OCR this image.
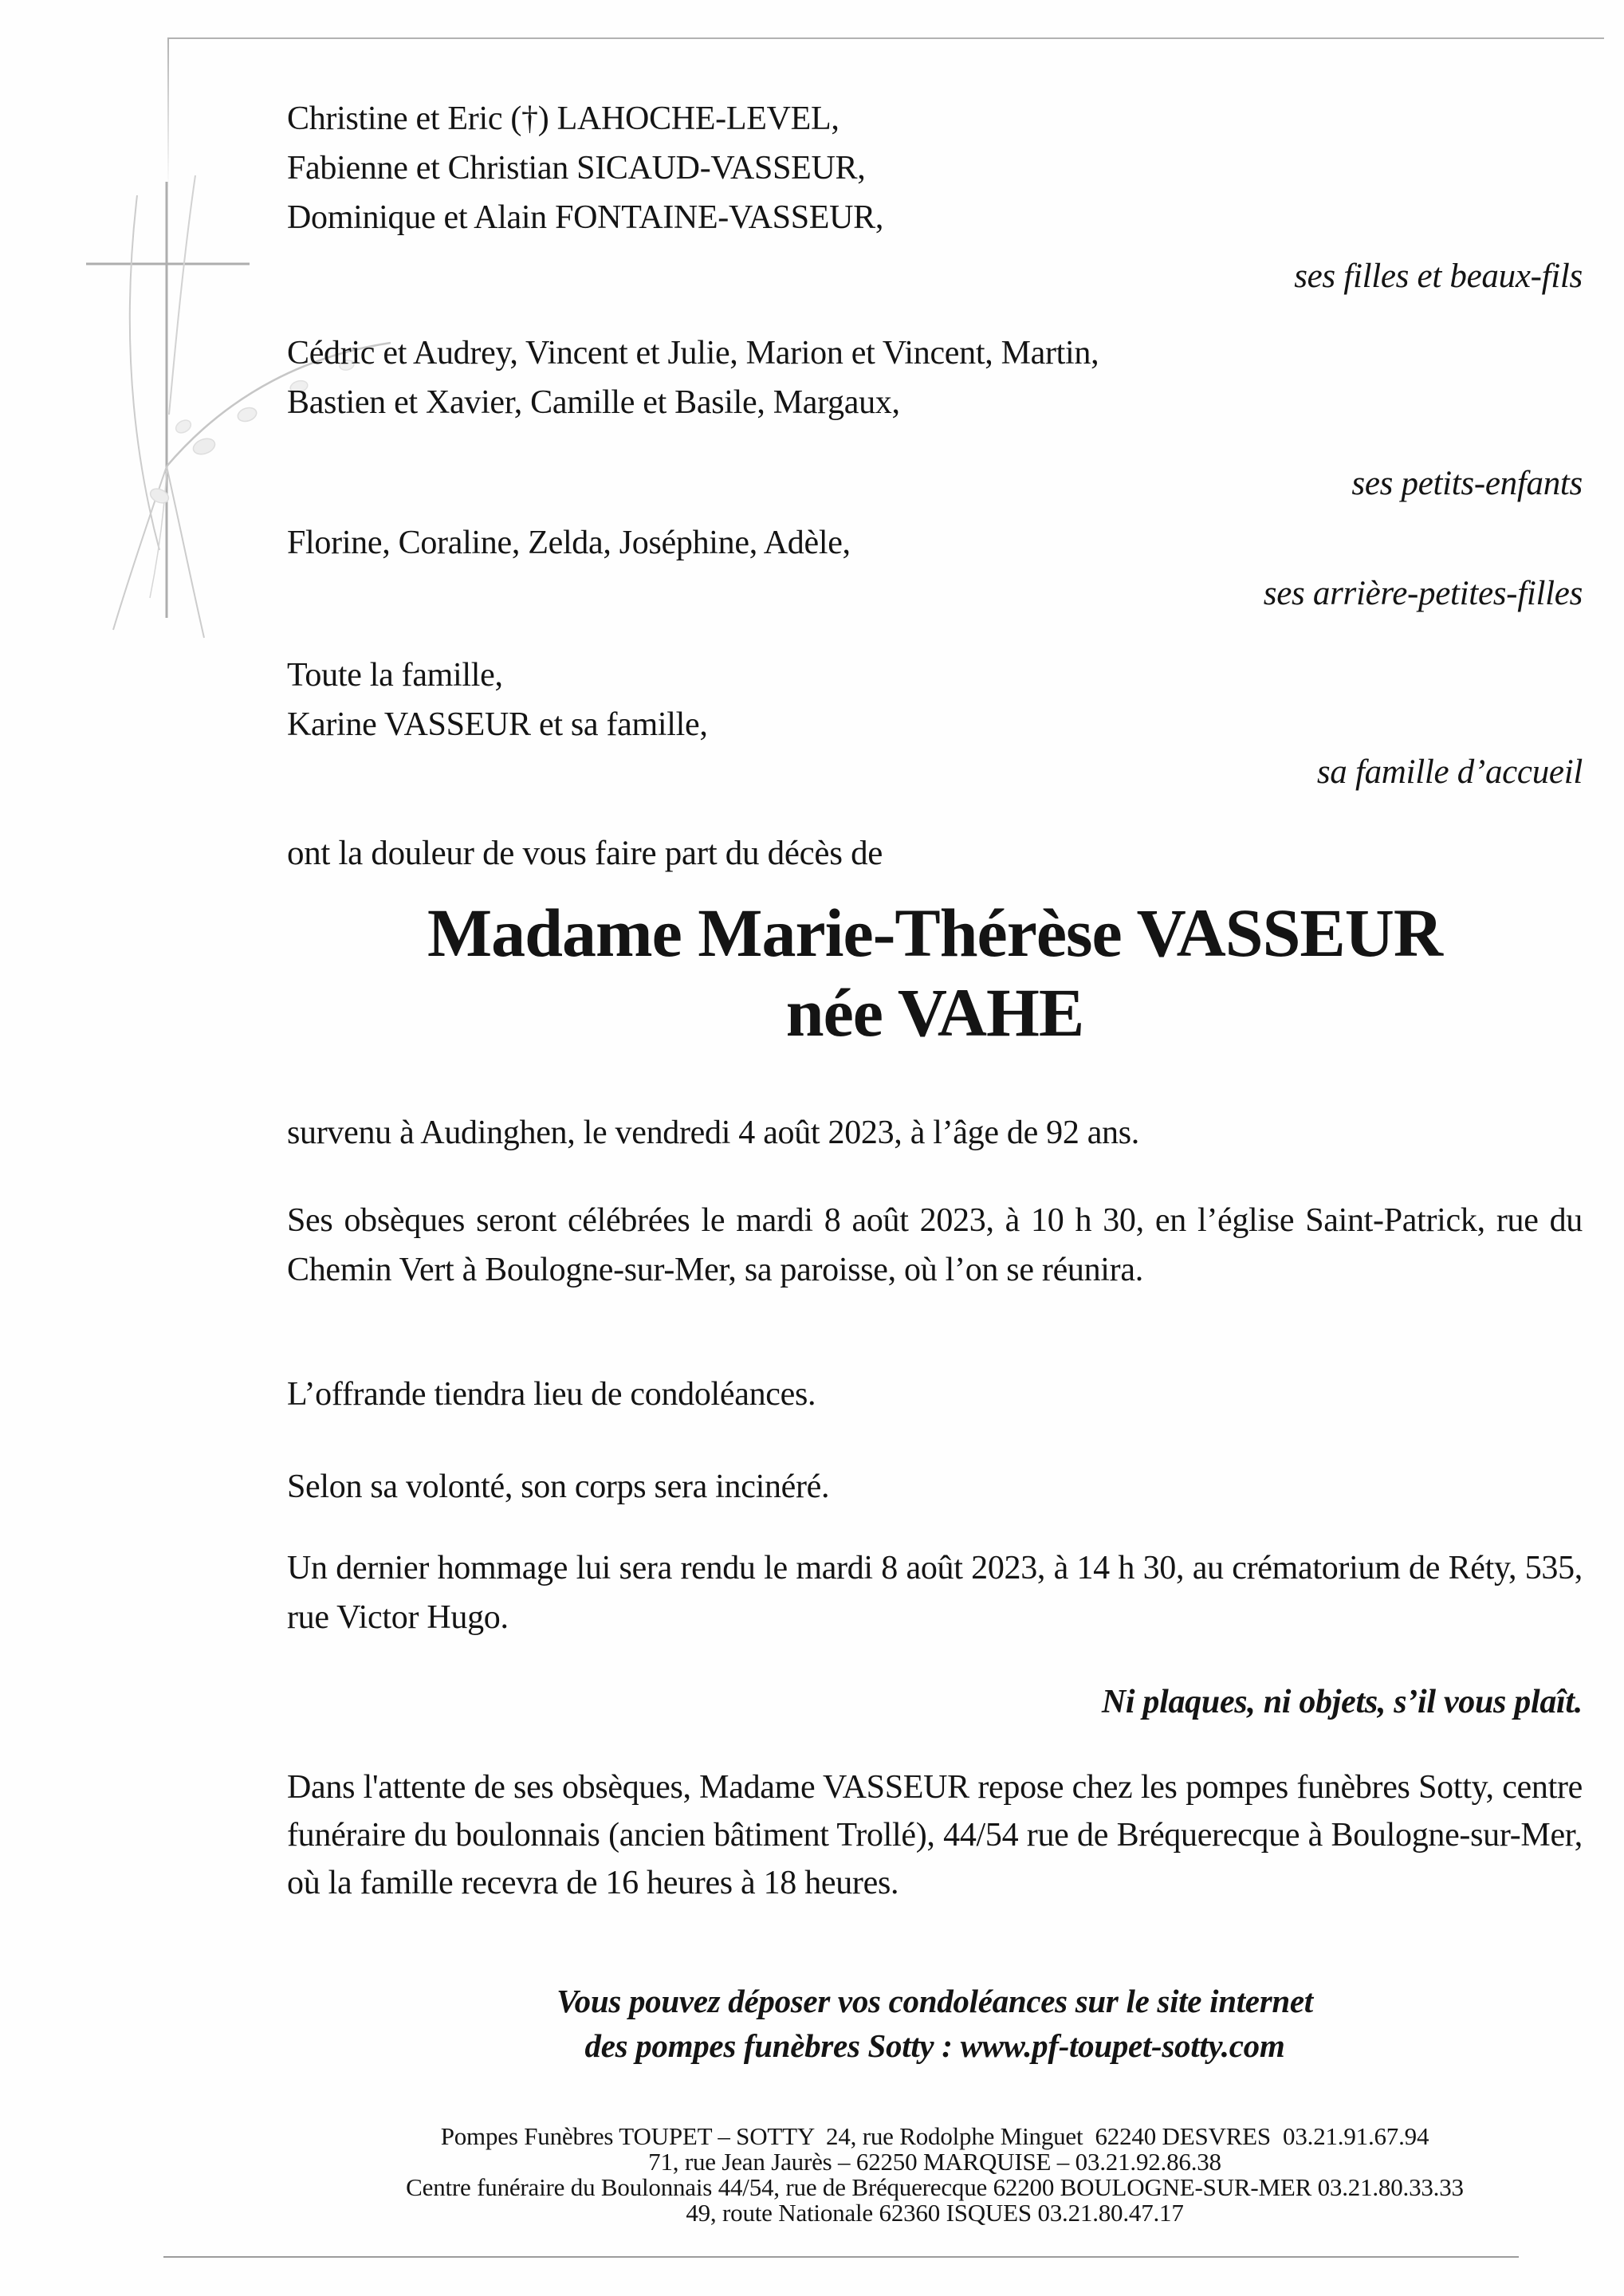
Christine et Eric (†) LAHOCHE-LEVEL,
Fabienne et Christian SICAUD-VASSEUR,
Dominique et Alain FONTAINE-VASSEUR,
ses filles et beaux-fils
Cédric et Audrey, Vincent et Julie, Marion et Vincent, Martin,
Bastien et Xavier, Camille et Basile, Margaux,
ses petits-enfants
Florine, Coraline, Zelda, Joséphine, Adèle,
ses arrière-petites-filles
Toute la famille,
Karine VASSEUR et sa famille,
sa famille d’accueil
ont la douleur de vous faire part du décès de
Madame Marie-Thérèse VASSEUR
née VAHE
survenu à Audinghen, le vendredi 4 août 2023, à l’âge de 92 ans.
Ses obsèques seront célébrées le mardi 8 août 2023, à 10 h 30, en l’église Saint-Patrick, rue du Chemin Vert à Boulogne-sur-Mer, sa paroisse, où l’on se réunira.
L’offrande tiendra lieu de condoléances.
Selon sa volonté, son corps sera incinéré.
Un dernier hommage lui sera rendu le mardi 8 août 2023, à 14 h 30, au crématorium de Réty, 535, rue Victor Hugo.
Ni plaques, ni objets, s’il vous plaît.
Dans l'attente de ses obsèques, Madame VASSEUR repose chez les pompes funèbres Sotty, centre funéraire du boulonnais (ancien bâtiment Trollé), 44/54 rue de Bréquerecque à Boulogne-sur-Mer, où la famille recevra de 16 heures à 18 heures.
Vous pouvez déposer vos condoléances sur le site internet
des pompes funèbres Sotty : www.pf-toupet-sotty.com
Pompes Funèbres TOUPET – SOTTY  24, rue Rodolphe Minguet  62240 DESVRES  03.21.91.67.94
71, rue Jean Jaurès – 62250 MARQUISE – 03.21.92.86.38
Centre funéraire du Boulonnais 44/54, rue de Bréquerecque 62200 BOULOGNE-SUR-MER 03.21.80.33.33
49, route Nationale 62360 ISQUES 03.21.80.47.17
